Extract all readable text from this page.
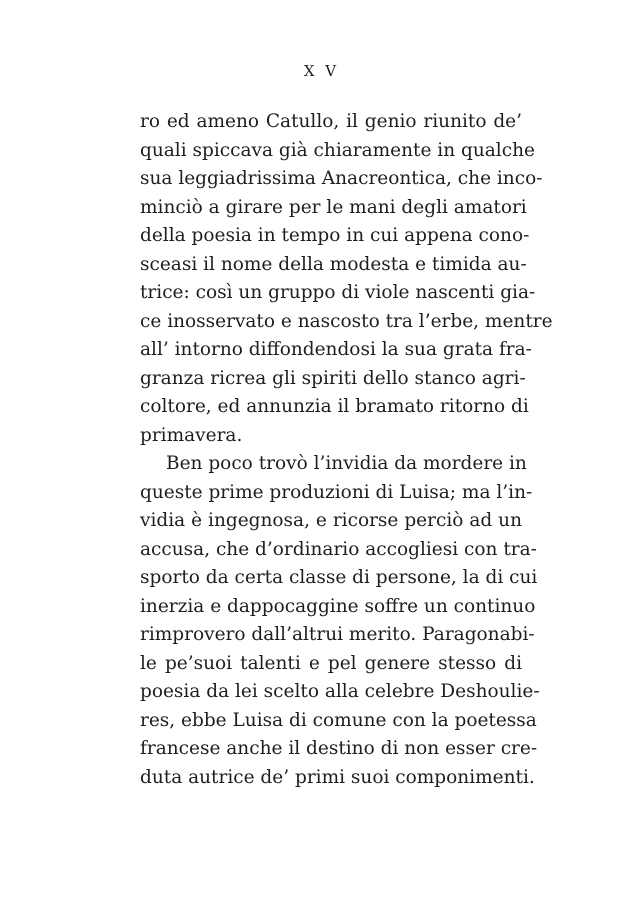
X V
ro ed ameno Catullo, il genio riunito de’
quali spiccava già chiaramente in qualche
sua leggiadrissima Anacreontica, che inco-
minciò a girare per le mani degli amatori
della poesia in tempo in cui appena cono-
sceasi il nome della modesta e timida au-
trice: così un gruppo di viole nascenti gia-
ce inosservato e nascosto tra l’erbe, mentre
all’ intorno diffondendosi la sua grata fra-
granza ricrea gli spiriti dello stanco agri-
coltore, ed annunzia il bramato ritorno di
primavera.
Ben poco trovò l’invidia da mordere in
queste prime produzioni di Luisa; ma l’in-
vidia è ingegnosa, e ricorse perciò ad un
accusa, che d’ordinario accogliesi con tra-
sporto da certa classe di persone, la di cui
inerzia e dappocaggine soffre un continuo
rimprovero dall’altrui merito. Paragonabi-
le pe’suoi talenti e pel genere stesso di
poesia da lei scelto alla celebre Deshoulie-
res, ebbe Luisa di comune con la poetessa
francese anche il destino di non esser cre-
duta autrice de’ primi suoi componimenti.
